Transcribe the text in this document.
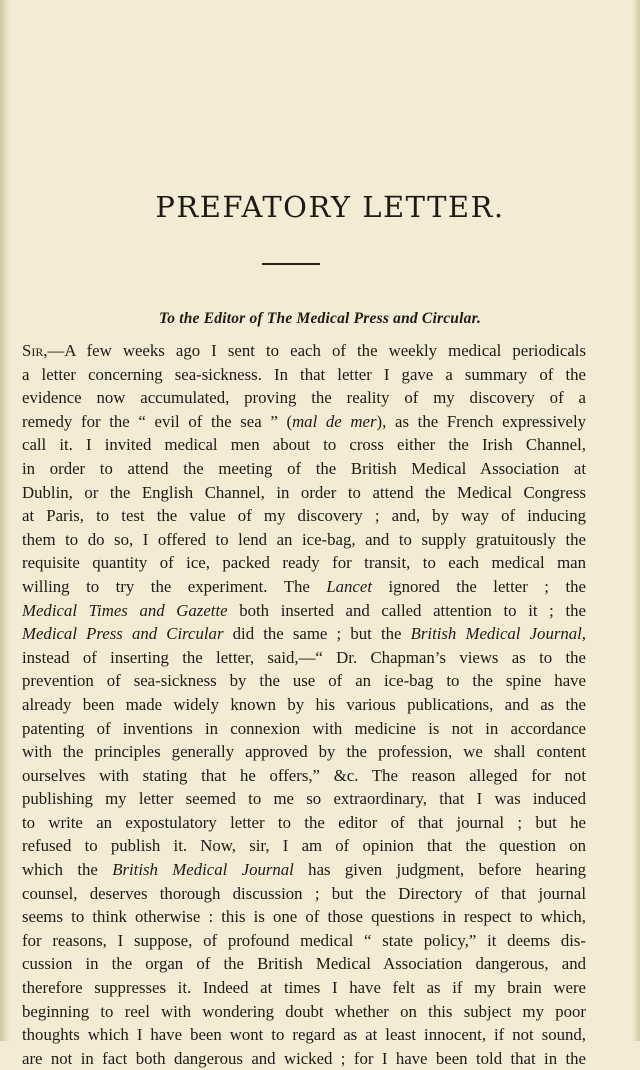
PREFATORY LETTER.
To the Editor of The Medical Press and Circular.
Sir,—A few weeks ago I sent to each of the weekly medical periodicals
a letter concerning sea-sickness. In that letter I gave a summary of the
evidence now accumulated, proving the reality of my discovery of a
remedy for the “ evil of the sea ” (mal de mer), as the French expressively
call it. I invited medical men about to cross either the Irish Channel,
in order to attend the meeting of the British Medical Association at
Dublin, or the English Channel, in order to attend the Medical Congress
at Paris, to test the value of my discovery ; and, by way of inducing
them to do so, I offered to lend an ice-bag, and to supply gratuitously the
requisite quantity of ice, packed ready for transit, to each medical man
willing to try the experiment. The Lancet ignored the letter ; the
Medical Times and Gazette both inserted and called attention to it ; the
Medical Press and Circular did the same ; but the British Medical Journal,
instead of inserting the letter, said,—“ Dr. Chapman’s views as to the
prevention of sea-sickness by the use of an ice-bag to the spine have
already been made widely known by his various publications, and as the
patenting of inventions in connexion with medicine is not in accordance
with the principles generally approved by the profession, we shall content
ourselves with stating that he offers,” &c. The reason alleged for not
publishing my letter seemed to me so extraordinary, that I was induced
to write an expostulatory letter to the editor of that journal ; but he
refused to publish it. Now, sir, I am of opinion that the question on
which the British Medical Journal has given judgment, before hearing
counsel, deserves thorough discussion ; but the Directory of that journal
seems to think otherwise : this is one of those questions in respect to which,
for reasons, I suppose, of profound medical “ state policy,” it deems dis-
cussion in the organ of the British Medical Association dangerous, and
therefore suppresses it. Indeed at times I have felt as if my brain were
beginning to reel with wondering doubt whether on this subject my poor
thoughts which I have been wont to regard as at least innocent, if not sound,
are not in fact both dangerous and wicked ; for I have been told that in the
